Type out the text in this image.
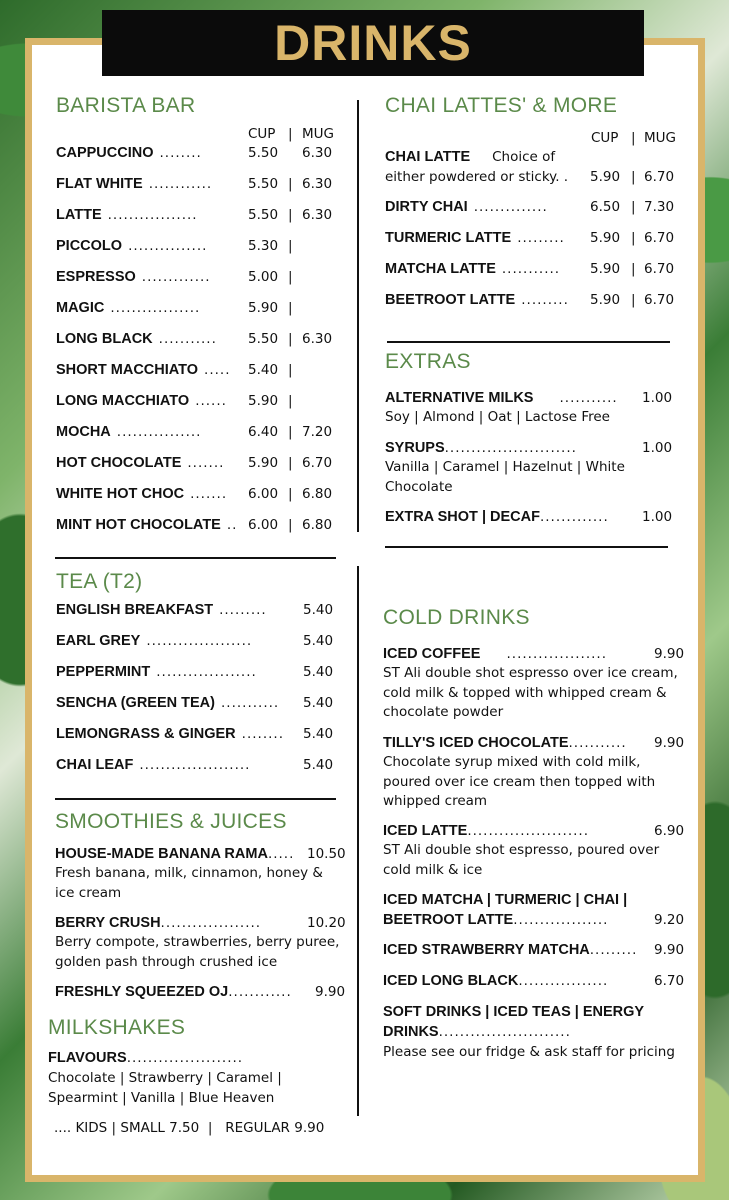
DRINKS
BARISTA BAR
CUP | MUG
CAPPUCCINO ........	5.50 6.30
FLAT WHITE ............	5.50 | 6.30
LATTE .................	5.50 | 6.30
PICCOLO ...............	5.30 |
ESPRESSO .............	5.00 |
MAGIC .................	5.90 |
LONG BLACK ........... 5.50 | 6.30
SHORT MACCHIATO ..... 5.40 |
LONG MACCHIATO ...... 5.90 |
MOCHA ................	6.40 | 7.20
HOT CHOCOLATE ....... 5.90 | 6.70
WHITE HOT CHOC ....... 6.00 | 6.80
MINT HOT CHOCOLATE .. 6.00 | 6.80
TEA (T2)
ENGLISH BREAKFAST .........	5.40
EARL GREY ....................	5.40
PEPPERMINT ...................	5.40
SENCHA (GREEN TEA) ........... 5.40
LEMONGRASS & GINGER ........ 5.40
CHAI LEAF .....................	5.40
SMOOTHIES & JUICES
HOUSE-MADE BANANA RAMA..... 10.50
Fresh banana, milk, cinnamon, honey & ice cream
BERRY CRUSH...................	10.20
Berry compote, strawberries, berry puree, golden pash through crushed ice
FRESHLY SQUEEZED OJ............ 9.90
MILKSHAKES
FLAVOURS......................
Chocolate | Strawberry | Caramel | Spearmint | Vanilla | Blue Heaven
.... KIDS | SMALL 7.50  |   REGULAR 9.90
CHAI LATTES' & MORE
CUP | MUG
CHAI LATTE Choice of
either powdered or sticky. . 5.90 | 6.70
DIRTY CHAI ..............	6.50 | 7.30
TURMERIC LATTE ......... 5.90 | 6.70
MATCHA LATTE ........... 5.90 | 6.70
BEETROOT LATTE ......... 5.90 | 6.70
EXTRAS
ALTERNATIVE MILKS ........... 1.00
Soy | Almond | Oat | Lactose Free
SYRUPS.........................	1.00
Vanilla | Caramel | Hazelnut | White Chocolate
EXTRA SHOT | DECAF............. 1.00
COLD DRINKS
ICED COFFEE ...................	9.90
ST Ali double shot espresso over ice cream, cold milk & topped with whipped cream & chocolate powder
TILLY'S ICED CHOCOLATE........... 9.90
Chocolate syrup mixed with cold milk, poured over ice cream then topped with whipped cream
ICED LATTE.......................	6.90
ST Ali double shot espresso, poured over cold milk & ice
ICED MATCHA | TURMERIC | CHAI |
BEETROOT LATTE..................	9.20
ICED STRAWBERRY MATCHA......... 9.90
ICED LONG BLACK.................	6.70
SOFT DRINKS | ICED TEAS | ENERGY
DRINKS.........................
Please see our fridge & ask staff for pricing
